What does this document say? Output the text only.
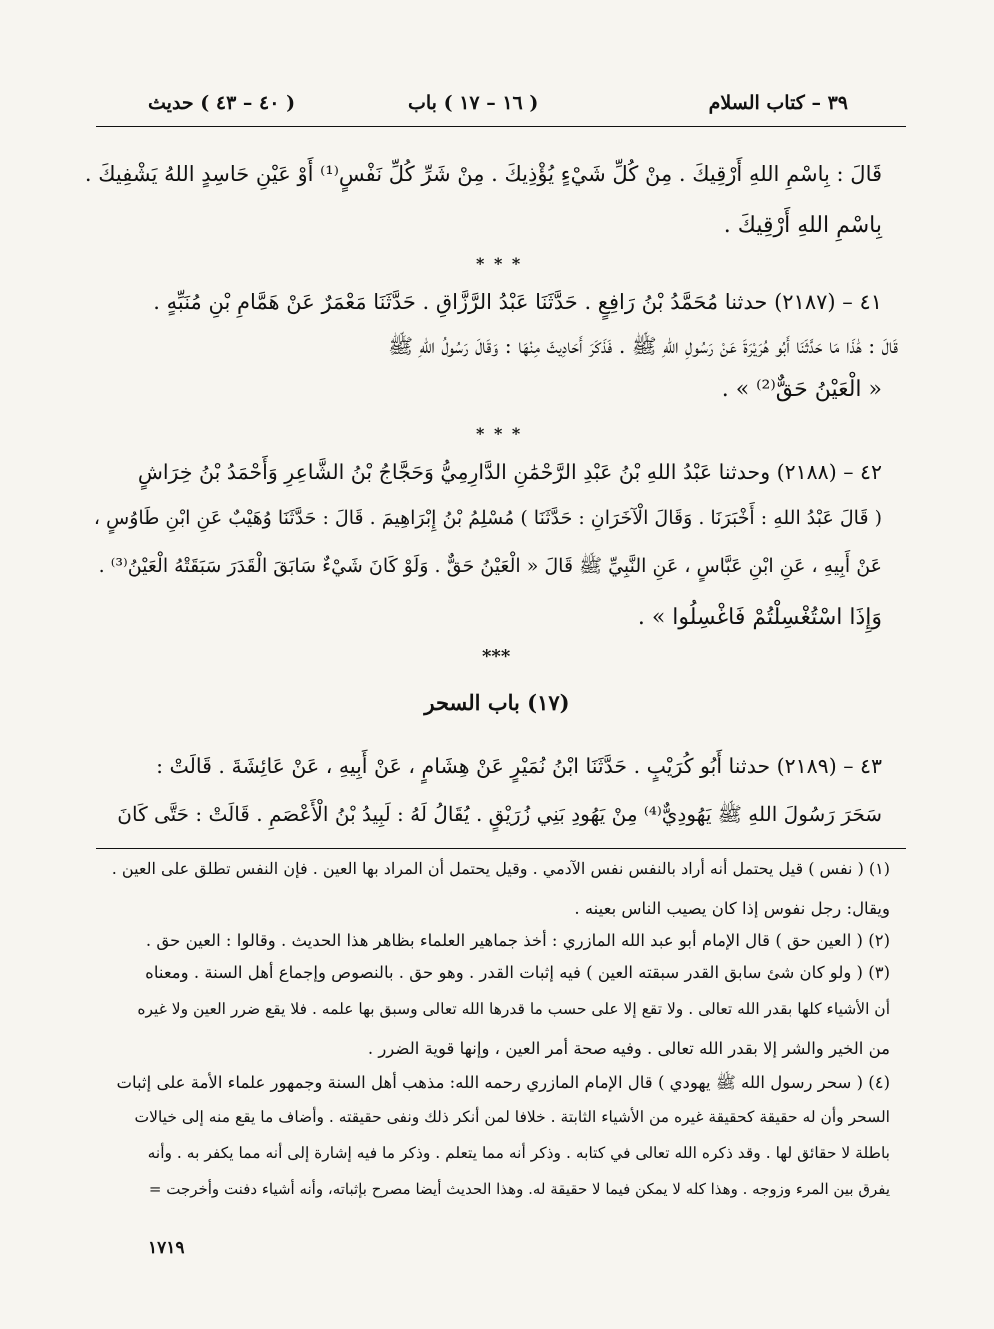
٣٩ – كتاب السلام
( ١٦ – ١٧ ) باب
( ٤٠ – ٤٣ ) حديث
قَالَ : بِاسْمِ اللهِ أَرْقِيكَ . مِنْ كُلِّ شَيْءٍ يُؤْذِيكَ . مِنْ شَرِّ كُلِّ نَفْسٍ⁽¹⁾ أَوْ عَيْنِ حَاسِدٍ اللهُ يَشْفِيكَ .
بِاسْمِ اللهِ أَرْقِيكَ .
* * *
٤١ – (٢١٨٧) حدثنا مُحَمَّدُ بْنُ رَافِعٍ . حَدَّثَنَا عَبْدُ الرَّزَّاقِ . حَدَّثَنَا مَعْمَرٌ عَنْ هَمَّامِ بْنِ مُنَبِّهٍ .
قَالَ : هَٰذَا مَا حَدَّثَنَا أَبُو هُرَيْرَةَ عَنْ رَسُولِ اللهِ ﷺ . فَذَكَرَ أَحَادِيثَ مِنْهَا : وَقَالَ رَسُولُ اللهِ ﷺ
« الْعَيْنُ حَقٌّ⁽²⁾ » .
* * *
٤٢ – (٢١٨٨) وحدثنا عَبْدُ اللهِ بْنُ عَبْدِ الرَّحْمَٰنِ الدَّارِمِيُّ وَحَجَّاجُ بْنُ الشَّاعِرِ وَأَحْمَدُ بْنُ خِرَاشٍ
( قَالَ عَبْدُ اللهِ : أَخْبَرَنَا . وَقَالَ الْآخَرَانِ : حَدَّثَنَا ) مُسْلِمُ بْنُ إِبْرَاهِيمَ . قَالَ : حَدَّثَنَا وُهَيْبٌ عَنِ ابْنِ طَاوُسٍ ،
عَنْ أَبِيهِ ، عَنِ ابْنِ عَبَّاسٍ ، عَنِ النَّبِيِّ ﷺ قَالَ « الْعَيْنُ حَقٌّ . وَلَوْ كَانَ شَيْءٌ سَابَقَ الْقَدَرَ سَبَقَتْهُ الْعَيْنُ⁽³⁾ .
وَإِذَا اسْتُغْسِلْتُمْ فَاغْسِلُوا » .
***
(١٧) باب السحر
٤٣ – (٢١٨٩) حدثنا أَبُو كُرَيْبٍ . حَدَّثَنَا ابْنُ نُمَيْرٍ عَنْ هِشَامٍ ، عَنْ أَبِيهِ ، عَنْ عَائِشَةَ . قَالَتْ :
سَحَرَ رَسُولَ اللهِ ﷺ يَهُودِيٌّ⁽⁴⁾ مِنْ يَهُودِ بَنِي زُرَيْقٍ . يُقَالُ لَهُ : لَبِيدُ بْنُ الْأَعْصَمِ . قَالَتْ : حَتَّى كَانَ
(١) ( نفس ) قيل يحتمل أنه أراد بالنفس نفس الآدمي . وقيل يحتمل أن المراد بها العين . فإن النفس تطلق على العين .
ويقال: رجل نفوس إذا كان يصيب الناس بعينه .
(٢) ( العين حق ) قال الإمام أبو عبد الله المازري : أخذ جماهير العلماء بظاهر هذا الحديث . وقالوا : العين حق .
(٣) ( ولو كان شئ سابق القدر سبقته العين ) فيه إثبات القدر . وهو حق . بالنصوص وإجماع أهل السنة . ومعناه
أن الأشياء كلها بقدر الله تعالى . ولا تقع إلا على حسب ما قدرها الله تعالى وسبق بها علمه . فلا يقع ضرر العين ولا غيره
من الخير والشر إلا بقدر الله تعالى . وفيه صحة أمر العين ، وإنها قوية الضرر .
(٤) ( سحر رسول الله ﷺ يهودي ) قال الإمام المازري رحمه الله: مذهب أهل السنة وجمهور علماء الأمة على إثبات
السحر وأن له حقيقة كحقيقة غيره من الأشياء الثابتة . خلافا لمن أنكر ذلك ونفى حقيقته . وأضاف ما يقع منه إلى خيالات
باطلة لا حقائق لها . وقد ذكره الله تعالى في كتابه . وذكر أنه مما يتعلم . وذكر ما فيه إشارة إلى أنه مما يكفر به . وأنه
يفرق بين المرء وزوجه . وهذا كله لا يمكن فيما لا حقيقة له. وهذا الحديث أيضا مصرح بإثباته، وأنه أشياء دفنت وأخرجت =
١٧١٩
